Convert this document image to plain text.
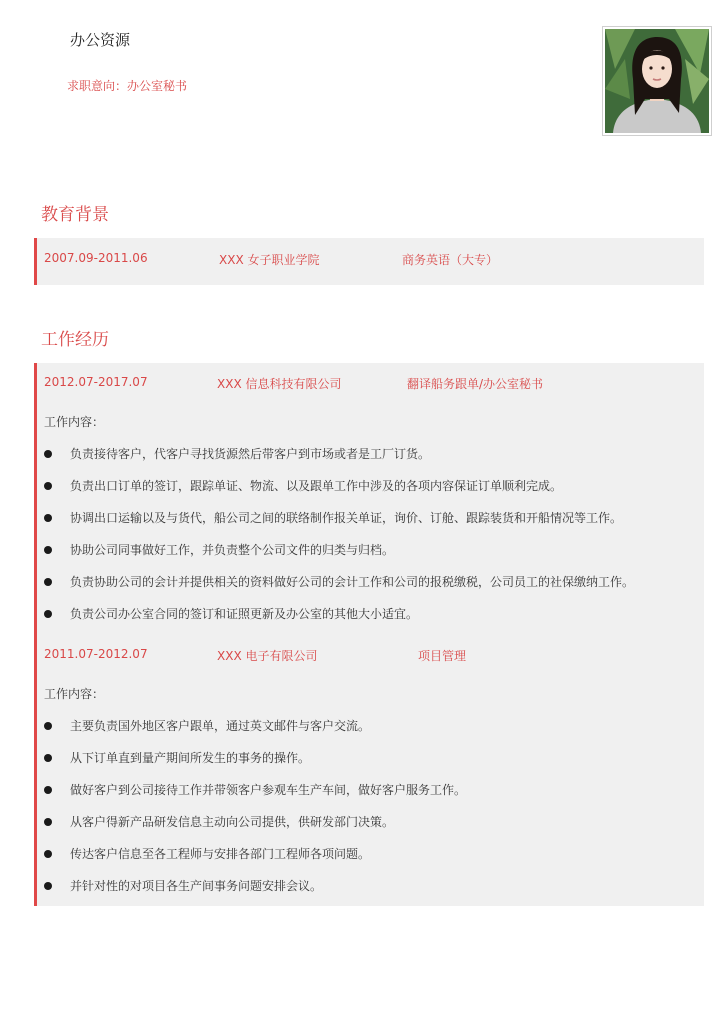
办公资源
求职意向：办公室秘书
教育背景
2007.09-2011.06	XXX 女子职业学院	商务英语（大专）
工作经历
2012.07-2017.07	XXX 信息科技有限公司	翻译船务跟单/办公室秘书
工作内容：
负责接待客户，代客户寻找货源然后带客户到市场或者是工厂订货。
负责出口订单的签订，跟踪单证、物流、以及跟单工作中涉及的各项内容保证订单顺利完成。
协调出口运输以及与货代，船公司之间的联络制作报关单证，询价、订舱、跟踪装货和开船情况等工作。
协助公司同事做好工作，并负责整个公司文件的归类与归档。
负责协助公司的会计并提供相关的资料做好公司的会计工作和公司的报税缴税，公司员工的社保缴纳工作。
负责公司办公室合同的签订和证照更新及办公室的其他大小适宜。
2011.07-2012.07	XXX 电子有限公司	项目管理
工作内容：
主要负责国外地区客户跟单，通过英文邮件与客户交流。
从下订单直到量产期间所发生的事务的操作。
做好客户到公司接待工作并带领客户参观车生产车间，做好客户服务工作。
从客户得新产品研发信息主动向公司提供，供研发部门决策。
传达客户信息至各工程师与安排各部门工程师各项问题。
并针对性的对项目各生产间事务问题安排会议。
